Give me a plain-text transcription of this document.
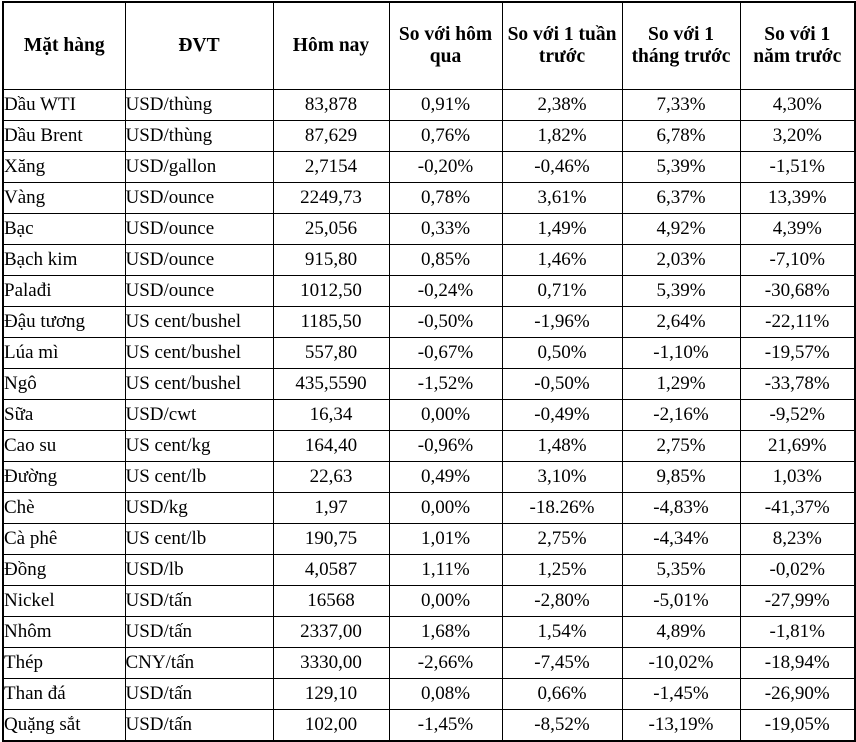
Mặt hàng	ĐVT	Hôm nay	So với hôm qua	So với 1 tuần trước	So với 1 tháng trước	So với 1 năm trước
Dầu WTI	USD/thùng	83,878	0,91%	2,38%	7,33%	4,30%
Dầu Brent	USD/thùng	87,629	0,76%	1,82%	6,78%	3,20%
Xăng	USD/gallon	2,7154	-0,20%	-0,46%	5,39%	-1,51%
Vàng	USD/ounce	2249,73	0,78%	3,61%	6,37%	13,39%
Bạc	USD/ounce	25,056	0,33%	1,49%	4,92%	4,39%
Bạch kim	USD/ounce	915,80	0,85%	1,46%	2,03%	-7,10%
Palađi	USD/ounce	1012,50	-0,24%	0,71%	5,39%	-30,68%
Đậu tương	US cent/bushel	1185,50	-0,50%	-1,96%	2,64%	-22,11%
Lúa mì	US cent/bushel	557,80	-0,67%	0,50%	-1,10%	-19,57%
Ngô	US cent/bushel	435,5590	-1,52%	-0,50%	1,29%	-33,78%
Sữa	USD/cwt	16,34	0,00%	-0,49%	-2,16%	-9,52%
Cao su	US cent/kg	164,40	-0,96%	1,48%	2,75%	21,69%
Đường	US cent/lb	22,63	0,49%	3,10%	9,85%	1,03%
Chè	USD/kg	1,97	0,00%	-18.26%	-4,83%	-41,37%
Cà phê	US cent/lb	190,75	1,01%	2,75%	-4,34%	8,23%
Đồng	USD/lb	4,0587	1,11%	1,25%	5,35%	-0,02%
Nickel	USD/tấn	16568	0,00%	-2,80%	-5,01%	-27,99%
Nhôm	USD/tấn	2337,00	1,68%	1,54%	4,89%	-1,81%
Thép	CNY/tấn	3330,00	-2,66%	-7,45%	-10,02%	-18,94%
Than đá	USD/tấn	129,10	0,08%	0,66%	-1,45%	-26,90%
Quặng sắt	USD/tấn	102,00	-1,45%	-8,52%	-13,19%	-19,05%
